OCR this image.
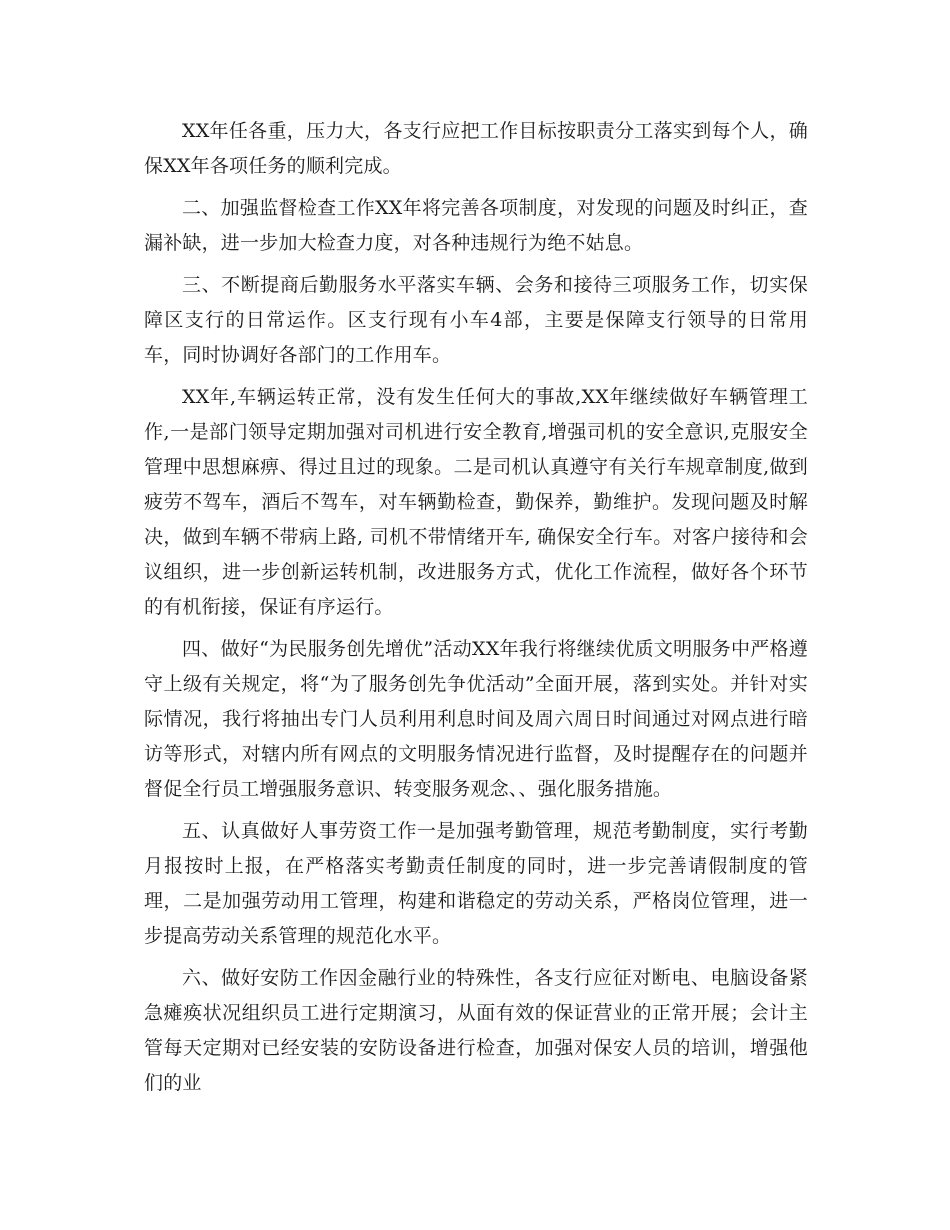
XX年任各重，压力大，各支行应把工作目标按职责分工落实到每个人，确保XX年各项任务的顺利完成。

二、加强监督检查工作XX年将完善各项制度，对发现的问题及时纠正，查漏补缺，进一步加大检查力度，对各种违规行为绝不姑息。

三、不断提商后勤服务水平落实车辆、会务和接待三项服务工作，切实保障区支行的日常运作。区支行现有小车4部，主要是保障支行领导的日常用车，同时协调好各部门的工作用车。

XX年,车辆运转正常，没有发生任何大的事故,XX年继续做好车辆管理工作,一是部门领导定期加强对司机进行安全教育,增强司机的安全意识,克服安全管理中思想麻痹、得过且过的现象。二是司机认真遵守有关行车规章制度,做到疲劳不驾车，酒后不驾车，对车辆勤检查，勤保养，勤维护。发现问题及时解决，做到车辆不带病上路, 司机不带情绪开车, 确保安全行车。对客户接待和会议组织，进一步创新运转机制，改进服务方式，优化工作流程，做好各个环节的有机衔接，保证有序运行。

四、做好“为民服务创先增优”活动XX年我行将继续优质文明服务中严格遵守上级有关规定，将“为了服务创先争优活动”全面开展，落到实处。并针对实际情况，我行将抽出专门人员利用利息时间及周六周日时间通过对网点进行暗访等形式，对辖内所有网点的文明服务情况进行监督，及时提醒存在的问题并督促全行员工增强服务意识、转变服务观念、、强化服务措施。

五、认真做好人事劳资工作一是加强考勤管理，规范考勤制度，实行考勤月报按时上报，在严格落实考勤责任制度的同时，进一步完善请假制度的管理，二是加强劳动用工管理，构建和谐稳定的劳动关系，严格岗位管理，进一步提高劳动关系管理的规范化水平。

六、做好安防工作因金融行业的特殊性，各支行应征对断电、电脑设备紧急瘫痪状况组织员工进行定期演习，从面有效的保证营业的正常开展；会计主管每天定期对已经安装的安防设备进行检查，加强对保安人员的培训，增强他们的业
